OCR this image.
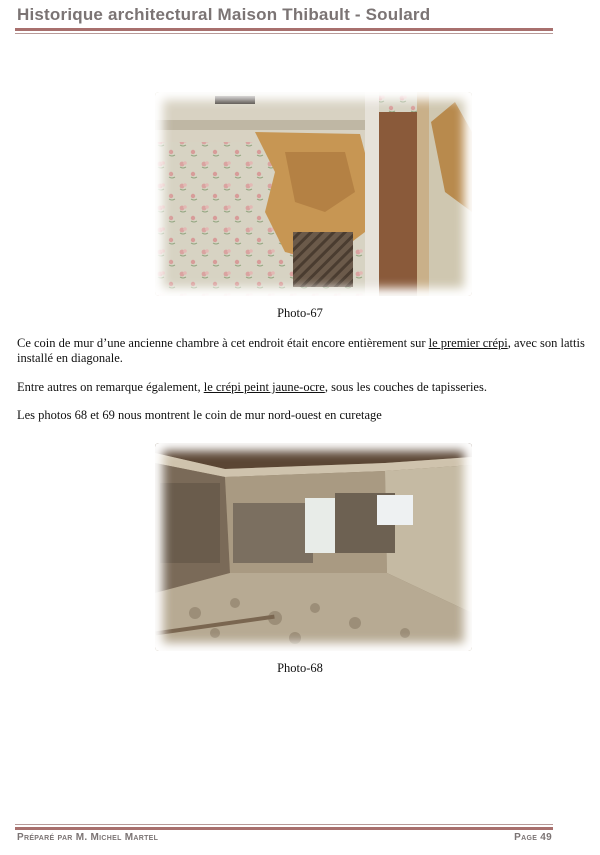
Historique architectural Maison Thibault - Soulard
Photo-67
Ce coin de mur d’une ancienne chambre à cet endroit était encore entièrement sur le premier crépi, avec son lattis installé en diagonale.
Entre autres on remarque également, le crépi peint jaune-ocre, sous les couches de tapisseries.
Les photos 68 et 69 nous montrent le coin de mur nord-ouest en curetage
Photo-68
Préparé par M. Michel Martel	Page 49
